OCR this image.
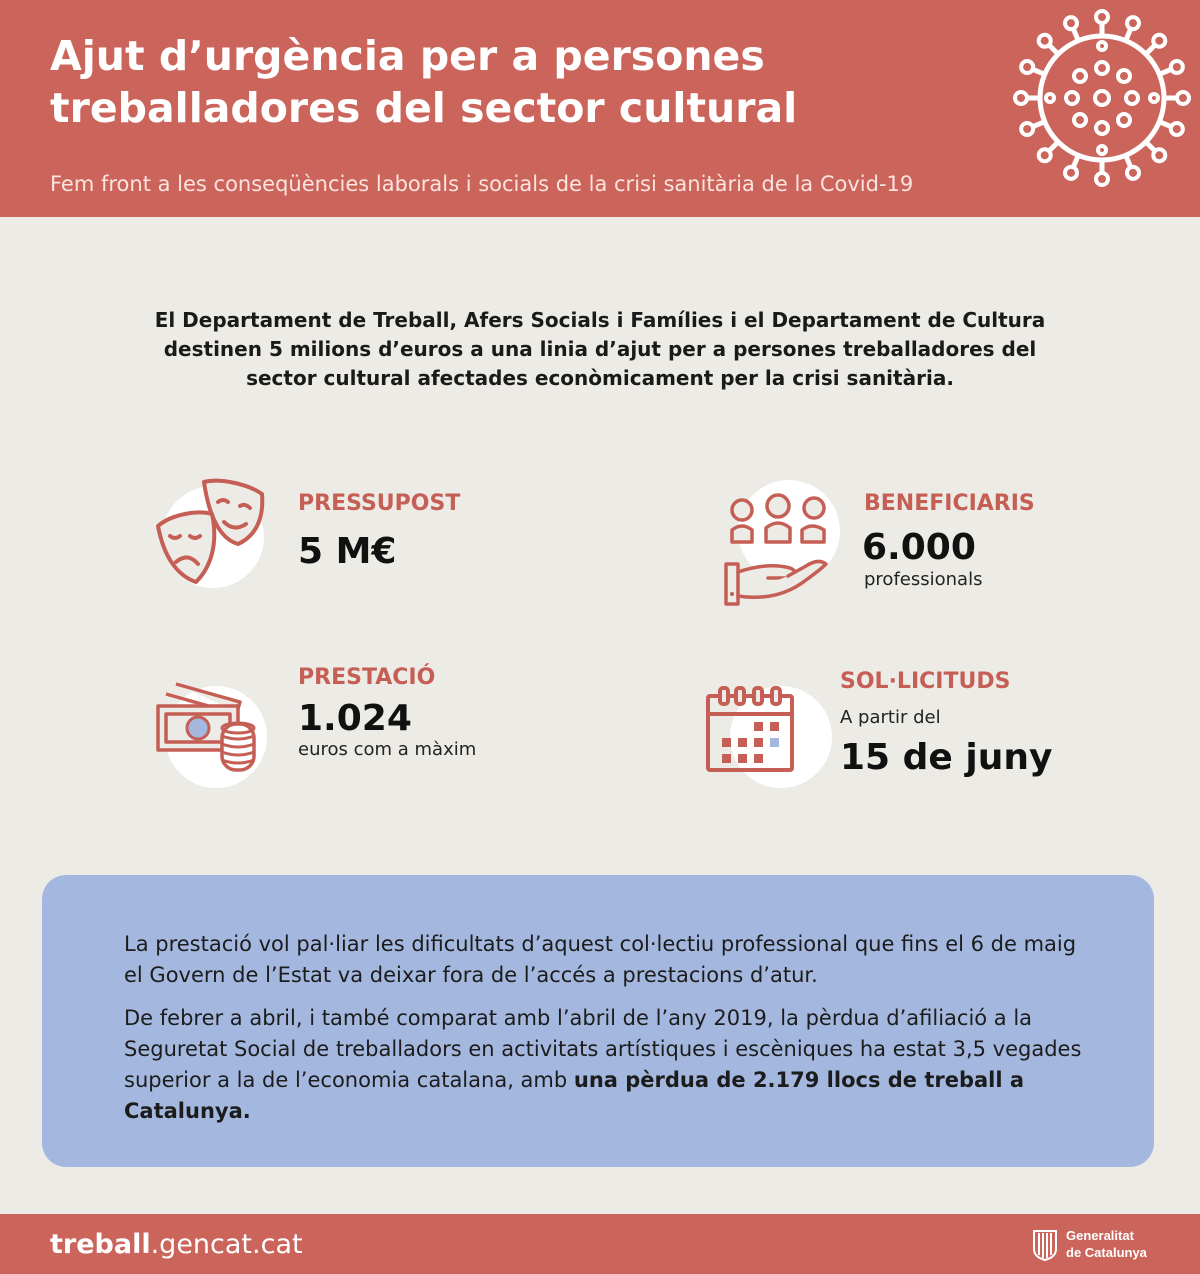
Ajut d’urgència per a persones
treballadores del sector cultural
Fem front a les conseqüències laborals i socials de la crisi sanitària de la Covid-19
El Departament de Treball, Afers Socials i Famílies i el Departament de Cultura
destinen 5 milions d’euros a una linia d’ajut per a persones treballadores del
sector cultural afectades econòmicament per la crisi sanitària.
PRESSUPOST
5 M€
BENEFICIARIS
6.000
professionals
PRESTACIÓ
1.024
euros com a màxim
SOL·LICITUDS
A partir del
15 de juny

La prestació vol pal·liar les dificultats d’aquest col·lectiu professional que fins el 6 de maig el Govern de l’Estat va deixar fora de l’accés a prestacions d’atur.

De febrer a abril, i també comparat amb l’abril de l’any 2019, la pèrdua d’afiliació a la Seguretat Social de treballadors en activitats artístiques i escèniques ha estat 3,5 vegades superior a la de l’economia catalana, amb una pèrdua de 2.179 llocs de treball a Catalunya.

treball.gencat.cat	Generalitat
de Catalunya
